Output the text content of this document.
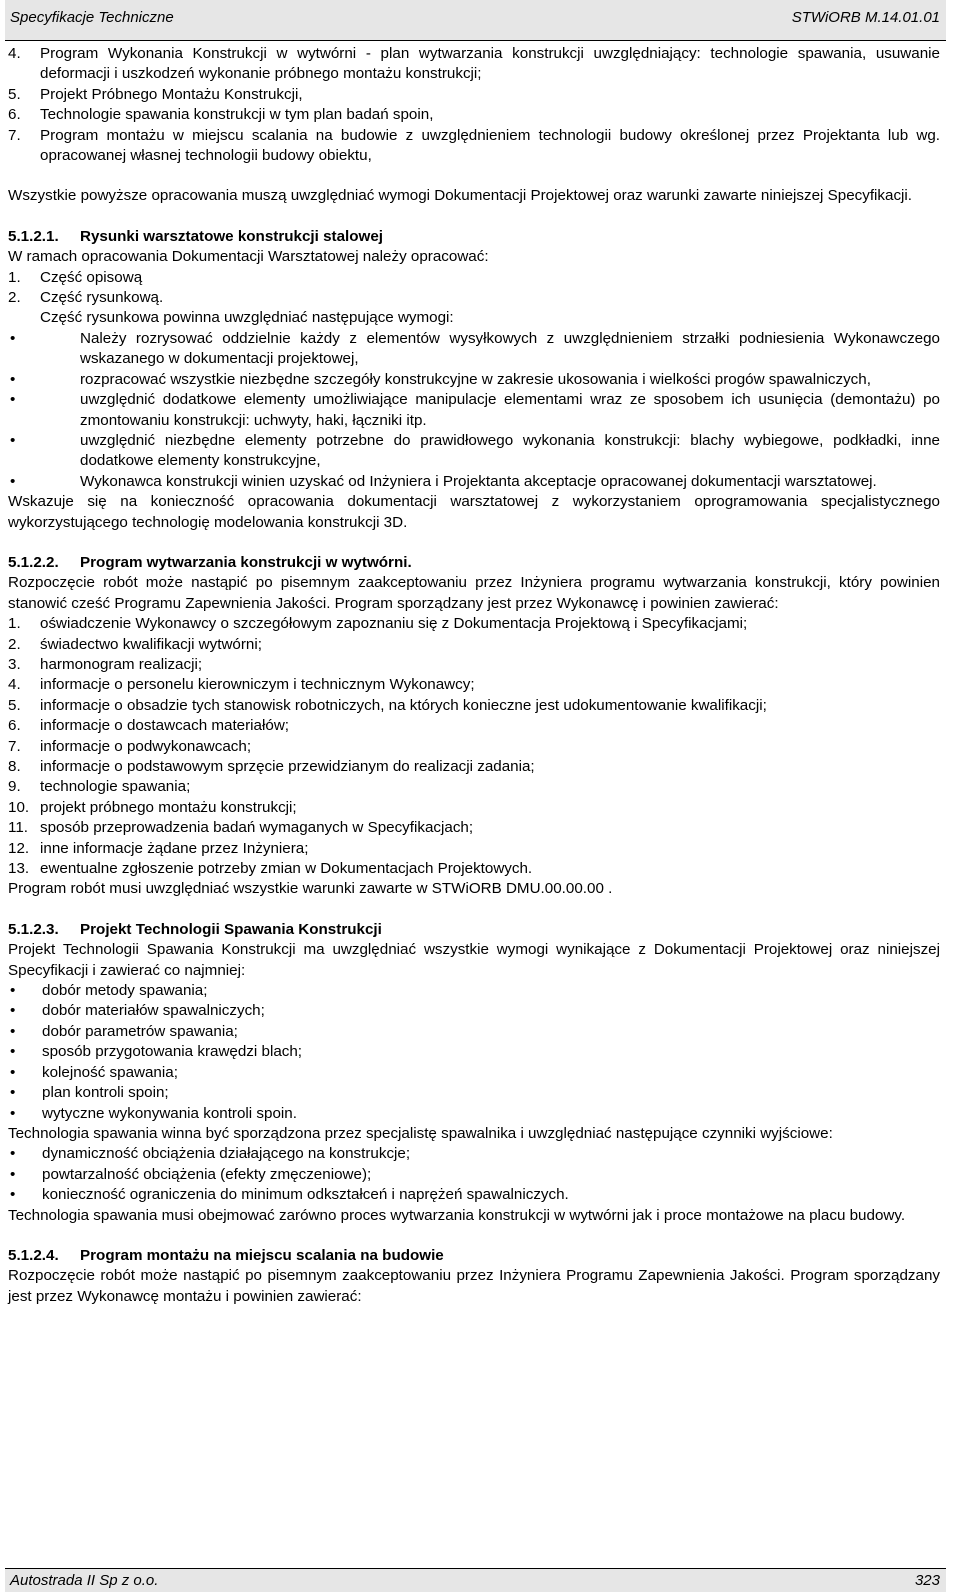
Specyfikacje Techniczne	STWiORB M.14.01.01
4.	Program Wykonania Konstrukcji w wytwórni - plan wytwarzania konstrukcji uwzględniający: technologie spawania, usuwanie deformacji i uszkodzeń wykonanie próbnego montażu konstrukcji;
5.	Projekt Próbnego Montażu Konstrukcji,
6.	Technologie spawania konstrukcji w tym plan badań spoin,
7.	Program montażu w miejscu scalania na budowie z uwzględnieniem technologii budowy określonej przez Projektanta lub wg. opracowanej własnej technologii budowy obiektu,

Wszystkie powyższe opracowania muszą uwzględniać wymogi Dokumentacji Projektowej oraz warunki zawarte niniejszej Specyfikacji.

5.1.2.1.	Rysunki warsztatowe konstrukcji stalowej

W ramach opracowania Dokumentacji Warsztatowej należy opracować:

1.	Część opisową
2.	Część rysunkową.

Część rysunkowa powinna uwzględniać następujące wymogi:

•	Należy rozrysować oddzielnie każdy z elementów wysyłkowych z uwzględnieniem strzałki podniesienia Wykonawczego wskazanego w dokumentacji projektowej,
•	rozpracować wszystkie niezbędne szczegóły konstrukcyjne w zakresie ukosowania i wielkości progów spawalniczych,
•	uwzględnić dodatkowe elementy umożliwiające manipulacje elementami wraz ze sposobem ich usunięcia (demontażu) po zmontowaniu konstrukcji: uchwyty, haki, łączniki itp.
•	uwzględnić niezbędne elementy potrzebne do prawidłowego wykonania konstrukcji: blachy wybiegowe, podkładki, inne dodatkowe elementy konstrukcyjne,
•	Wykonawca konstrukcji winien uzyskać od Inżyniera i Projektanta akceptacje opracowanej dokumentacji warsztatowej.

Wskazuje się na konieczność opracowania dokumentacji warsztatowej z wykorzystaniem oprogramowania specjalistycznego wykorzystującego technologię modelowania konstrukcji 3D.

5.1.2.2.	Program wytwarzania konstrukcji w wytwórni.

Rozpoczęcie robót może nastąpić po pisemnym zaakceptowaniu przez Inżyniera programu wytwarzania konstrukcji, który powinien stanowić cześć Programu Zapewnienia Jakości. Program sporządzany jest przez Wykonawcę i powinien zawierać:

1.	oświadczenie Wykonawcy o szczegółowym zapoznaniu się z Dokumentacja Projektową i Specyfikacjami;
2.	świadectwo kwalifikacji wytwórni;
3.	harmonogram realizacji;
4.	informacje o personelu kierowniczym i technicznym Wykonawcy;
5.	informacje o obsadzie tych stanowisk robotniczych, na których konieczne jest udokumentowanie kwalifikacji;
6.	informacje o dostawcach materiałów;
7.	informacje o podwykonawcach;
8.	informacje o podstawowym sprzęcie przewidzianym do realizacji zadania;
9.	technologie spawania;
10. projekt próbnego montażu konstrukcji;
11. sposób przeprowadzenia badań wymaganych w Specyfikacjach;
12. inne informacje żądane przez Inżyniera;
13. ewentualne zgłoszenie potrzeby zmian w Dokumentacjach Projektowych.

Program robót musi uwzględniać wszystkie warunki zawarte w STWiORB DMU.00.00.00 .

5.1.2.3.	Projekt Technologii Spawania Konstrukcji

Projekt Technologii Spawania Konstrukcji ma uwzględniać wszystkie wymogi wynikające z Dokumentacji Projektowej oraz niniejszej Specyfikacji i zawierać co najmniej:

•	dobór metody spawania;
•	dobór materiałów spawalniczych;
•	dobór parametrów spawania;
•	sposób przygotowania krawędzi blach;
•	kolejność spawania;
•	plan kontroli spoin;
•	wytyczne wykonywania kontroli spoin.

Technologia spawania winna być sporządzona przez specjalistę spawalnika i uwzględniać następujące czynniki wyjściowe:

•	dynamiczność obciążenia działającego na konstrukcje;
•	powtarzalność obciążenia (efekty zmęczeniowe);
•	konieczność ograniczenia do minimum odkształceń i naprężeń spawalniczych.

Technologia spawania musi obejmować zarówno proces wytwarzania konstrukcji w wytwórni jak i proce montażowe na placu budowy.

5.1.2.4.	Program montażu na miejscu scalania na budowie

Rozpoczęcie robót może nastąpić po pisemnym zaakceptowaniu przez Inżyniera Programu Zapewnienia Jakości. Program sporządzany jest przez Wykonawcę montażu i powinien zawierać:

Autostrada II Sp z o.o.	323
